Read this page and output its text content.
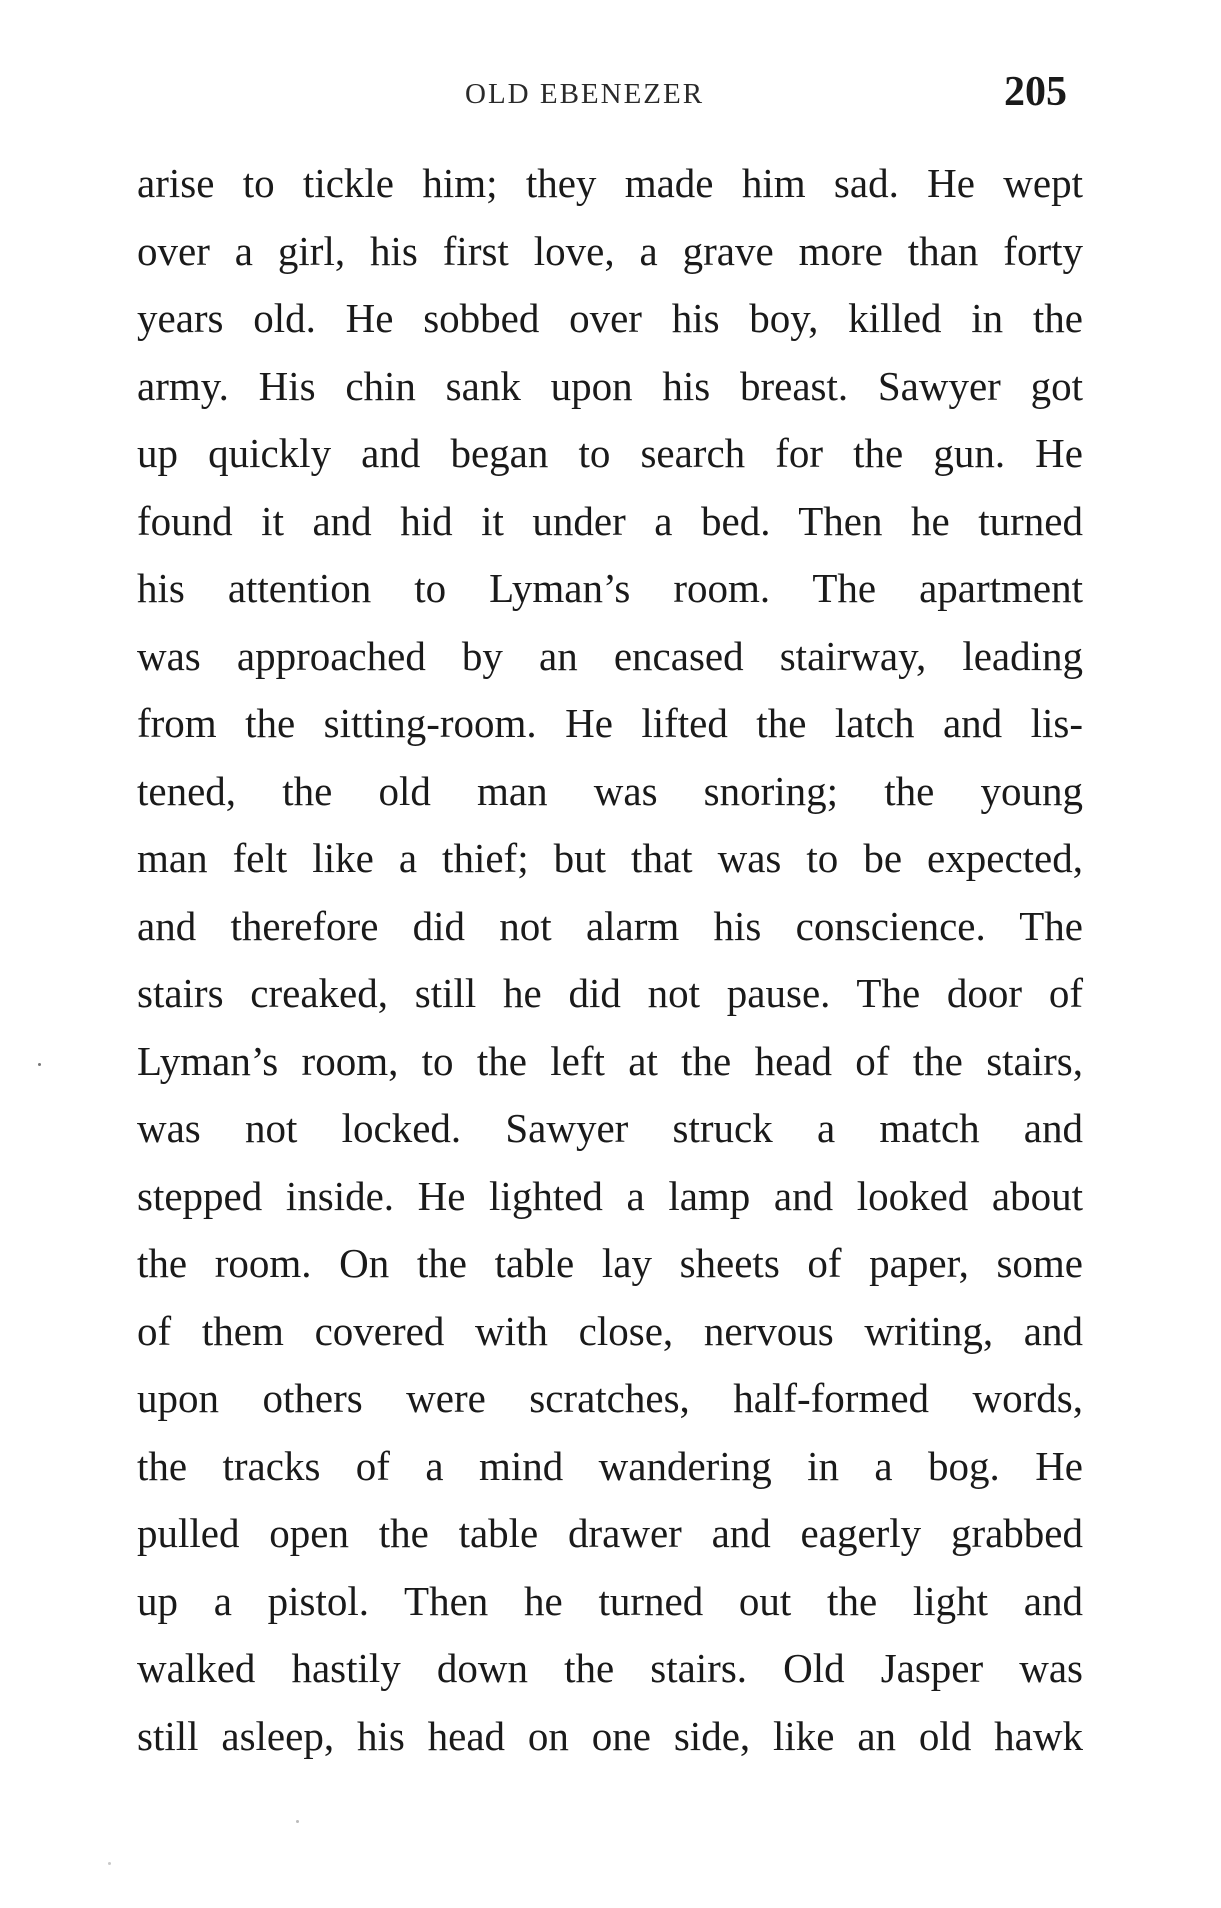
OLD EBENEZER	205
arise to tickle him; they made him sad. He wept
over a girl, his first love, a grave more than forty
years old. He sobbed over his boy, killed in the
army. His chin sank upon his breast. Sawyer got
up quickly and began to search for the gun. He
found it and hid it under a bed. Then he turned
his attention to Lyman’s room. The apartment
was approached by an encased stairway, leading
from the sitting-room. He lifted the latch and lis-
tened, the old man was snoring; the young
man felt like a thief; but that was to be expected,
and therefore did not alarm his conscience. The
stairs creaked, still he did not pause. The door of
Lyman’s room, to the left at the head of the stairs,
was not locked. Sawyer struck a match and
stepped inside. He lighted a lamp and looked about
the room. On the table lay sheets of paper, some
of them covered with close, nervous writing, and
upon others were scratches, half-formed words,
the tracks of a mind wandering in a bog. He
pulled open the table drawer and eagerly grabbed
up a pistol. Then he turned out the light and
walked hastily down the stairs. Old Jasper was
still asleep, his head on one side, like an old hawk
